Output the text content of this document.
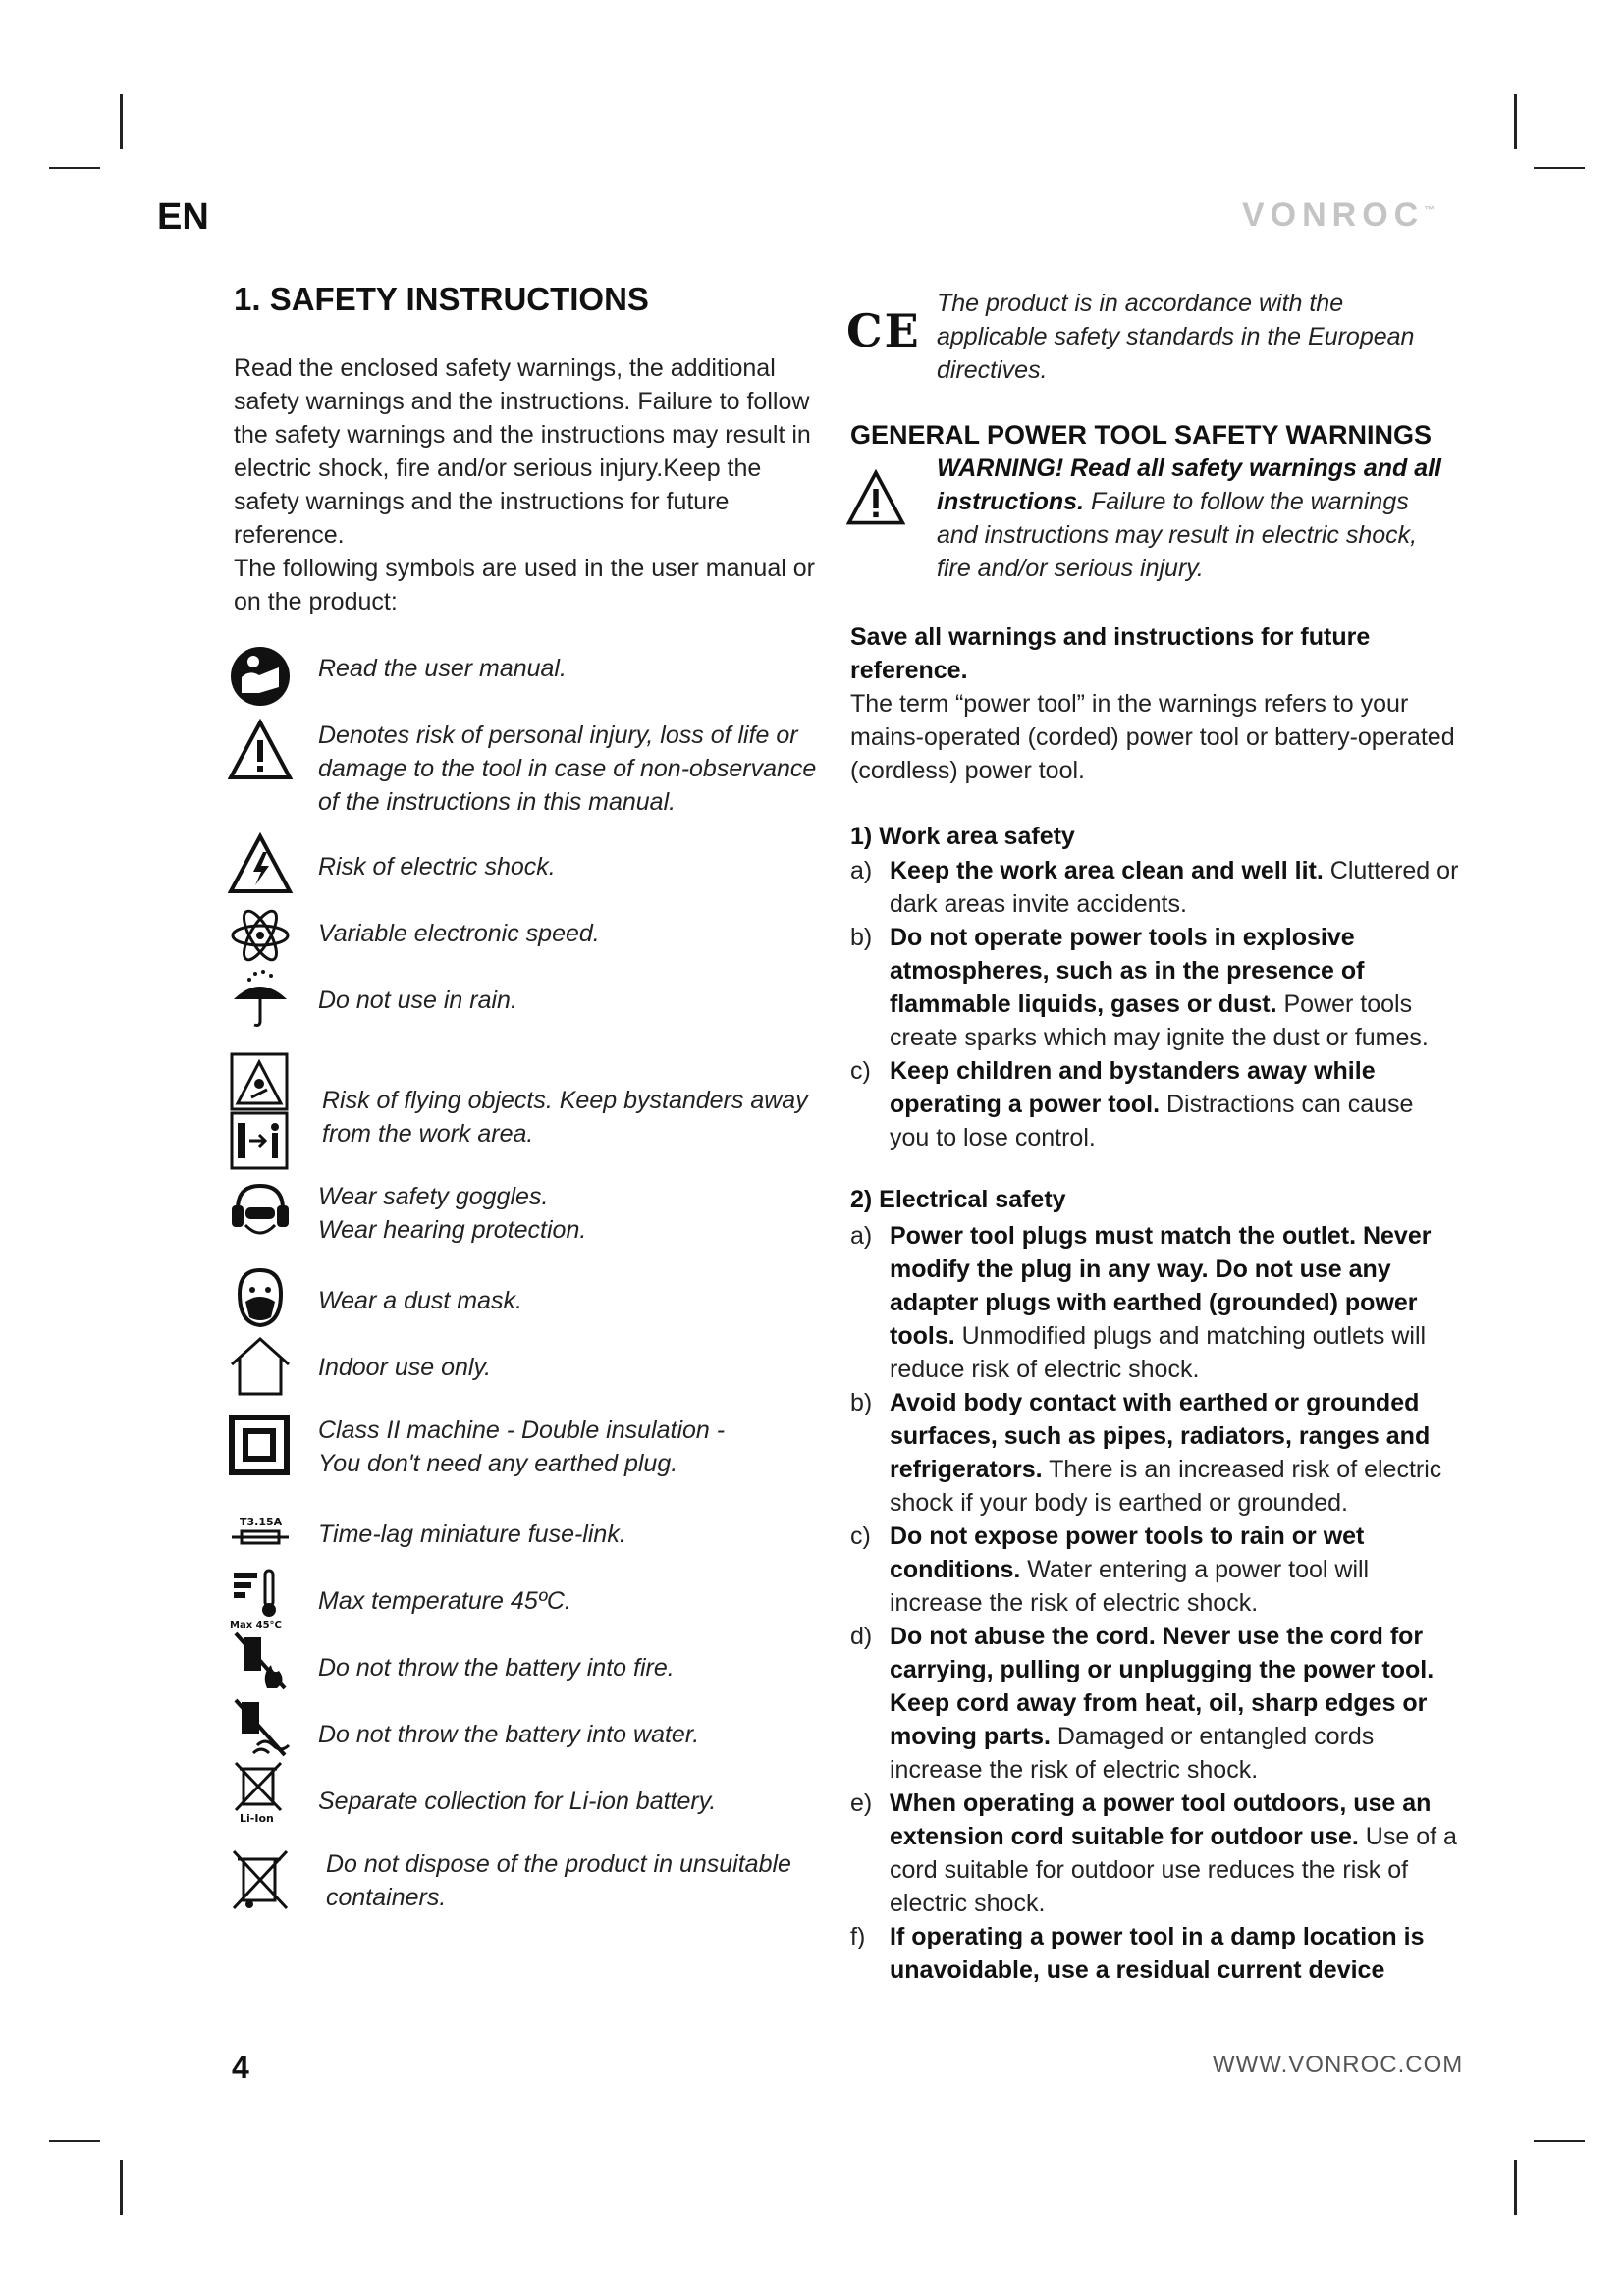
EN	VONROC™
1. SAFETY INSTRUCTIONS
Read the enclosed safety warnings, the additional safety warnings and the instructions. Failure to follow the safety warnings and the instructions may result in electric shock, fire and/or serious injury.Keep the safety warnings and the instructions for future reference.
The following symbols are used in the user manual or on the product:
Read the user manual.
Denotes risk of personal injury, loss of life or damage to the tool in case of non-observance of the instructions in this manual.
Risk of electric shock.
Variable electronic speed.
Do not use in rain.
Risk of flying objects. Keep bystanders away from the work area.
Wear safety goggles.
Wear hearing protection.
Wear a dust mask.
Indoor use only.
Class II machine - Double insulation - You don't need any earthed plug.
T3.15A Time-lag miniature fuse-link.
Max 45°C
Max temperature 45ºC.
Do not throw the battery into fire.
Do not throw the battery into water.
Li-Ion
Separate collection for Li-ion battery.
Do not dispose of the product in unsuitable containers.
CE
The product is in accordance with the applicable safety standards in the European directives.
GENERAL POWER TOOL SAFETY WARNINGS
WARNING! Read all safety warnings and all instructions. Failure to follow the warnings and instructions may result in electric shock, fire and/or serious injury.
Save all warnings and instructions for future reference.
The term “power tool” in the warnings refers to your mains-operated (corded) power tool or battery-operated (cordless) power tool.
1) Work area safety
a) Keep the work area clean and well lit. Cluttered or dark areas invite accidents.
b) Do not operate power tools in explosive atmospheres, such as in the presence of flammable liquids, gases or dust. Power tools create sparks which may ignite the dust or fumes.
c) Keep children and bystanders away while operating a power tool. Distractions can cause you to lose control.
2) Electrical safety
a) Power tool plugs must match the outlet. Never modify the plug in any way. Do not use any adapter plugs with earthed (grounded) power tools. Unmodified plugs and matching outlets will reduce risk of electric shock.
b) Avoid body contact with earthed or grounded surfaces, such as pipes, radiators, ranges and refrigerators. There is an increased risk of electric shock if your body is earthed or grounded.
c) Do not expose power tools to rain or wet conditions. Water entering a power tool will increase the risk of electric shock.
d) Do not abuse the cord. Never use the cord for carrying, pulling or unplugging the power tool. Keep cord away from heat, oil, sharp edges or moving parts. Damaged or entangled cords increase the risk of electric shock.
e) When operating a power tool outdoors, use an extension cord suitable for outdoor use. Use of a cord suitable for outdoor use reduces the risk of electric shock.
f) If operating a power tool in a damp location is unavoidable, use a residual current device
4	WWW.VONROC.COM
